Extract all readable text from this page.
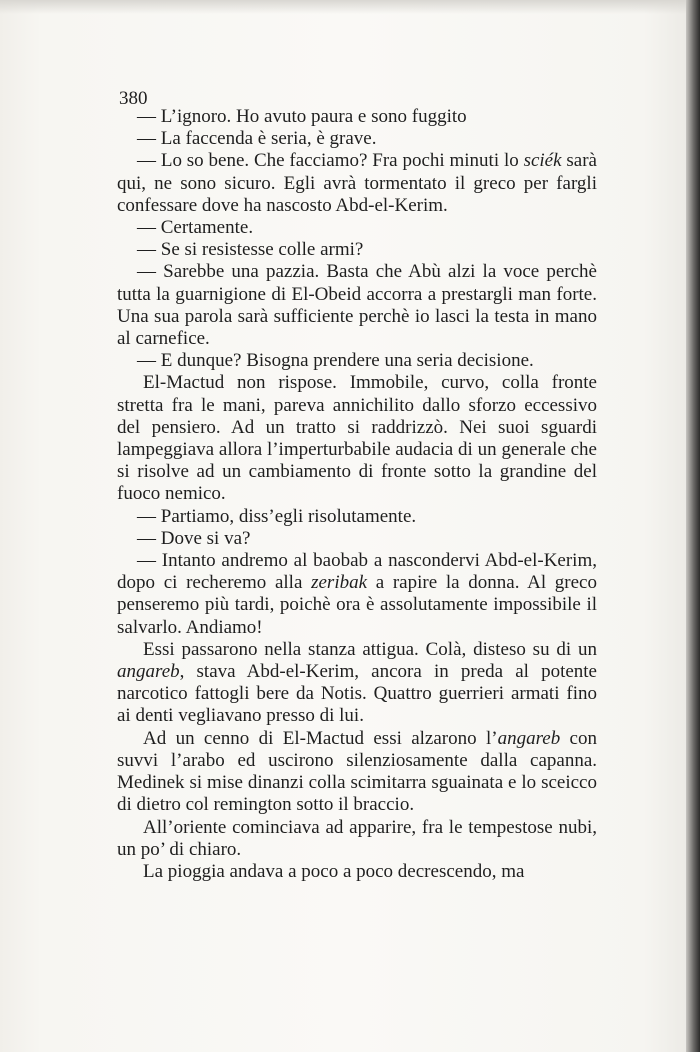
380

— L’ignoro. Ho avuto paura e sono fuggito

— La faccenda è seria, è grave.

— Lo so bene. Che facciamo? Fra pochi minuti lo sciék sarà qui, ne sono sicuro. Egli avrà tormentato il greco per fargli confessare dove ha nascosto Abd-el-Kerim.

— Certamente.

— Se si resistesse colle armi?

— Sarebbe una pazzia. Basta che Abù alzi la voce perchè tutta la guarnigione di El-Obeid accorra a prestargli man forte. Una sua parola sarà sufficiente perchè io lasci la testa in mano al carnefice.

— E dunque? Bisogna prendere una seria decisione.

El-Mactud non rispose. Immobile, curvo, colla fronte stretta fra le mani, pareva annichilito dallo sforzo eccessivo del pensiero. Ad un tratto si raddrizzò. Nei suoi sguardi lampeggiava allora l’imperturbabile audacia di un generale che si risolve ad un cambiamento di fronte sotto la grandine del fuoco nemico.

— Partiamo, diss’egli risolutamente.

— Dove si va?

— Intanto andremo al baobab a nascondervi Abd-el-Kerim, dopo ci recheremo alla zeribak a rapire la donna. Al greco penseremo più tardi, poichè ora è assolutamente impossibile il salvarlo. Andiamo!

Essi passarono nella stanza attigua. Colà, disteso su di un angareb, stava Abd-el-Kerim, ancora in preda al potente narcotico fattogli bere da Notis. Quattro guerrieri armati fino ai denti vegliavano presso di lui.

Ad un cenno di El-Mactud essi alzarono l’angareb con suvvi l’arabo ed uscirono silenziosamente dalla capanna. Medinek si mise dinanzi colla scimitarra sguainata e lo sceicco di dietro col remington sotto il braccio.

All’oriente cominciava ad apparire, fra le tempestose nubi, un po’ di chiaro.

La pioggia andava a poco a poco decrescendo, ma
